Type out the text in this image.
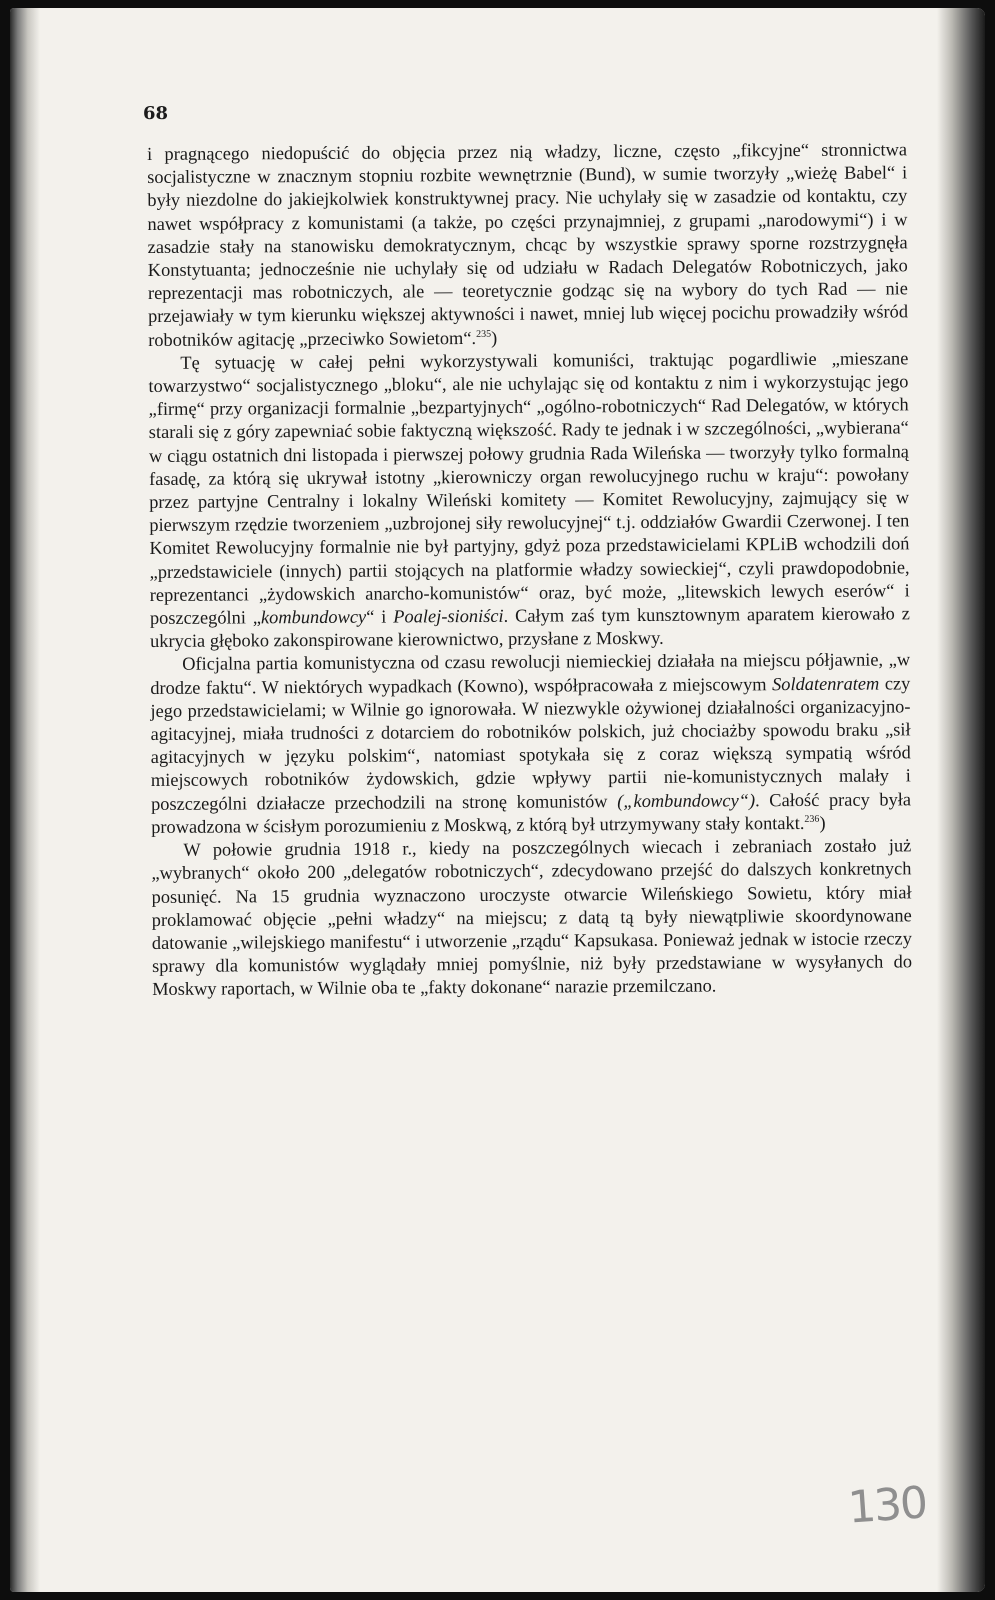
68

i pragnącego niedopuścić do objęcia przez nią władzy, liczne, często „fikcyjne“ stronnictwa socjalistyczne w znacznym stopniu rozbite wewnętrznie (Bund), w sumie tworzyły „wieżę Babel“ i były niezdolne do jakiejkolwiek konstruktywnej pracy. Nie uchylały się w zasadzie od kontaktu, czy nawet współpracy z komunistami (a także, po części przynajmniej, z grupami „narodowymi“) i w zasadzie stały na stanowisku demokratycznym, chcąc by wszystkie sprawy sporne rozstrzygnęła Konstytuanta; jednocześnie nie uchylały się od udziału w Radach Delegatów Robotniczych, jako reprezentacji mas robotniczych, ale — teoretycznie godząc się na wybory do tych Rad — nie przejawiały w tym kierunku większej aktywności i nawet, mniej lub więcej pocichu prowadziły wśród robotników agitację „przeciwko Sowietom“.$^{235}$)

Tę sytuację w całej pełni wykorzystywali komuniści, traktując pogardliwie „mieszane towarzystwo“ socjalistycznego „bloku“, ale nie uchylając się od kontaktu z nim i wykorzystując jego „firmę“ przy organizacji formalnie „bezpartyjnych“ „ogólno-robotniczych“ Rad Delegatów, w których starali się z góry zapewniać sobie faktyczną większość. Rady te jednak i w szczególności, „wybierana“ w ciągu ostatnich dni listopada i pierwszej połowy grudnia Rada Wileńska — tworzyły tylko formalną fasadę, za którą się ukrywał istotny „kierowniczy organ rewolucyjnego ruchu w kraju“: powołany przez partyjne Centralny i lokalny Wileński komitety — Komitet Rewolucyjny, zajmujący się w pierwszym rzędzie tworzeniem „uzbrojonej siły rewolucyjnej“ t.j. oddziałów Gwardii Czerwonej. I ten Komitet Rewolucyjny formalnie nie był partyjny, gdyż poza przedstawicielami KPLiB wchodzili doń „przedstawiciele (innych) partii stojących na platformie władzy sowieckiej“, czyli prawdopodobnie, reprezentanci „żydowskich anarcho-komunistów“ oraz, być może, „litewskich lewych eserów“ i poszczególni „kombundowcy“ i Poalej-sioniści. Całym zaś tym kunsztownym aparatem kierowało z ukrycia głęboko zakonspirowane kierownictwo, przysłane z Moskwy.

Oficjalna partia komunistyczna od czasu rewolucji niemieckiej działała na miejscu półjawnie, „w drodze faktu“. W niektórych wypadkach (Kowno), współpracowała z miejscowym Soldatenratem czy jego przedstawicielami; w Wilnie go ignorowała. W niezwykle ożywionej działalności organizacyjno-agitacyjnej, miała trudności z dotarciem do robotników polskich, już chociażby spowodu braku „sił agitacyjnych w języku polskim“, natomiast spotykała się z coraz większą sympatią wśród miejscowych robotników żydowskich, gdzie wpływy partii nie-komunistycznych malały i poszczególni działacze przechodzili na stronę komunistów („kombundowcy“). Całość pracy była prowadzona w ścisłym porozumieniu z Moskwą, z którą był utrzymywany stały kontakt.$^{236}$)

W połowie grudnia 1918 r., kiedy na poszczególnych wiecach i zebraniach zostało już „wybranych“ około 200 „delegatów robotniczych“, zdecydowano przejść do dalszych konkretnych posunięć. Na 15 grudnia wyznaczono uroczyste otwarcie Wileńskiego Sowietu, który miał proklamować objęcie „pełni władzy“ na miejscu; z datą tą były niewątpliwie skoordynowane datowanie „wilejskiego manifestu“ i utworzenie „rządu“ Kapsukasa. Ponieważ jednak w istocie rzeczy sprawy dla komunistów wyglądały mniej pomyślnie, niż były przedstawiane w wysyłanych do Moskwy raportach, w Wilnie oba te „fakty dokonane“ narazie przemilczano.

130
